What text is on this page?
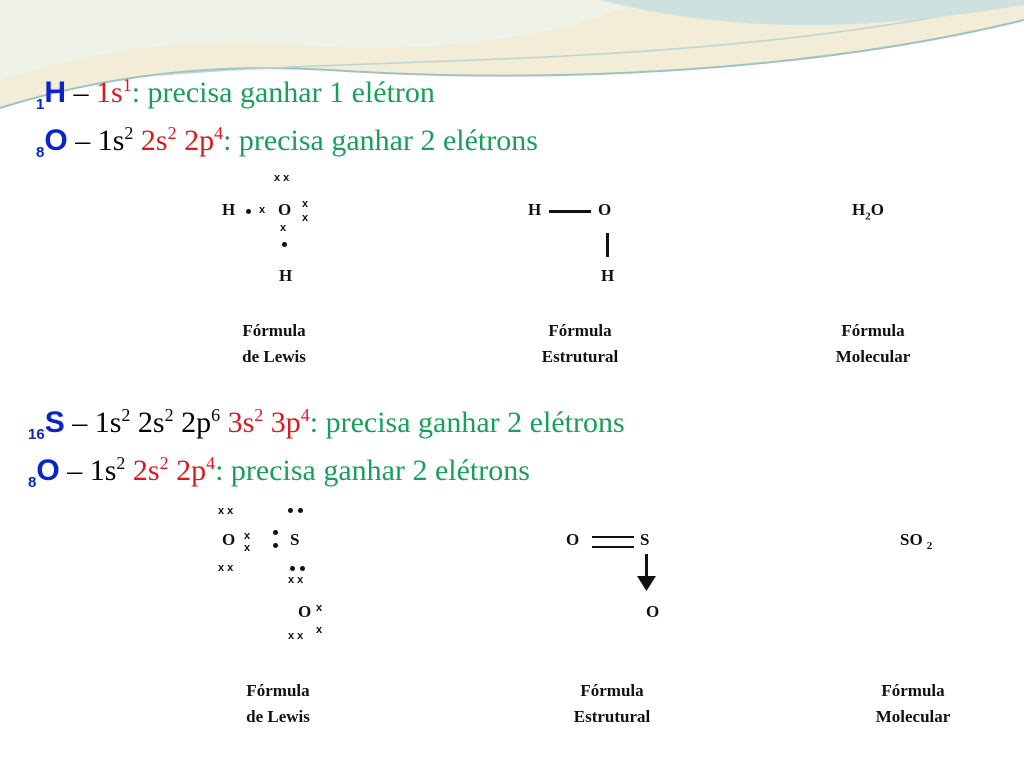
$_1H - 1s^1$: precisa ganhar 1 elétron
$_8O - 1s^2$ $2s^2$ $2p^4$: precisa ganhar 2 elétrons
$_{16}S - 1s^2$ $2s^2$ $2p^6$ $3s^2$ $3p^4$: precisa ganhar 2 elétrons
$_8O - 1s^2$ $2s^2$ $2p^4$: precisa ganhar 2 elétrons
H x O
x x
x
x
x
H
Fórmula
de Lewis
H	O
H
Fórmula
Estrutural
$H_2O$
Fórmula
Molecular
x x
O x
x
x x
S
x x
O x
x
x x
Fórmula
de Lewis
O	S
O
Fórmula
Estrutural
SO $_2$
Fórmula
Molecular
